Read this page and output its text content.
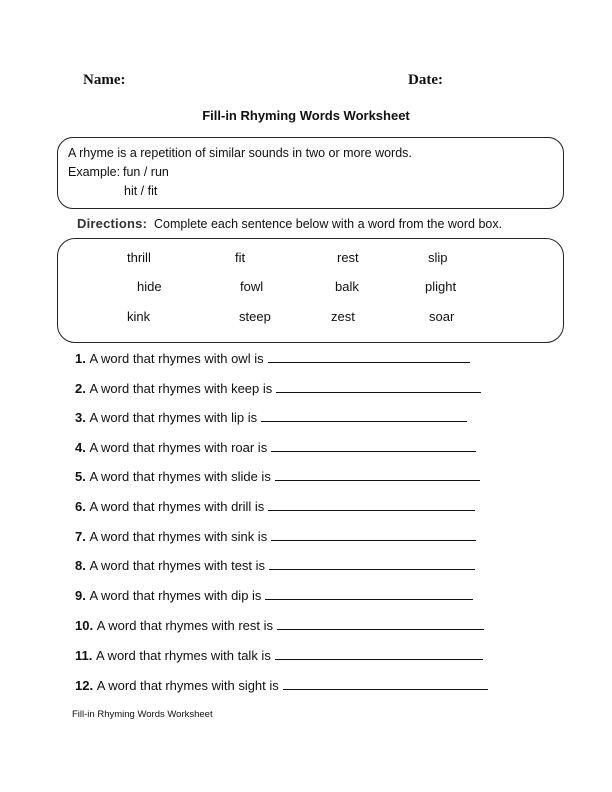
Name:	Date:
Fill-in Rhyming Words Worksheet
A rhyme is a repetition of similar sounds in two or more words.
Example: fun / run
hit / fit
Directions: Complete each sentence below with a word from the word box.
thrill	fit	rest	slip
hide	fowl	balk	plight
kink	steep	zest	soar
1.
A word that rhymes with owl is
2.
A word that rhymes with keep is
3.
A word that rhymes with lip is
4.
A word that rhymes with roar is
5.
A word that rhymes with slide is
6.
A word that rhymes with drill is
7.
A word that rhymes with sink is
8.
A word that rhymes with test is
9.
A word that rhymes with dip is
10.
A word that rhymes with rest is
11.
A word that rhymes with talk is
12.
A word that rhymes with sight is
Fill-in Rhyming Words Worksheet
